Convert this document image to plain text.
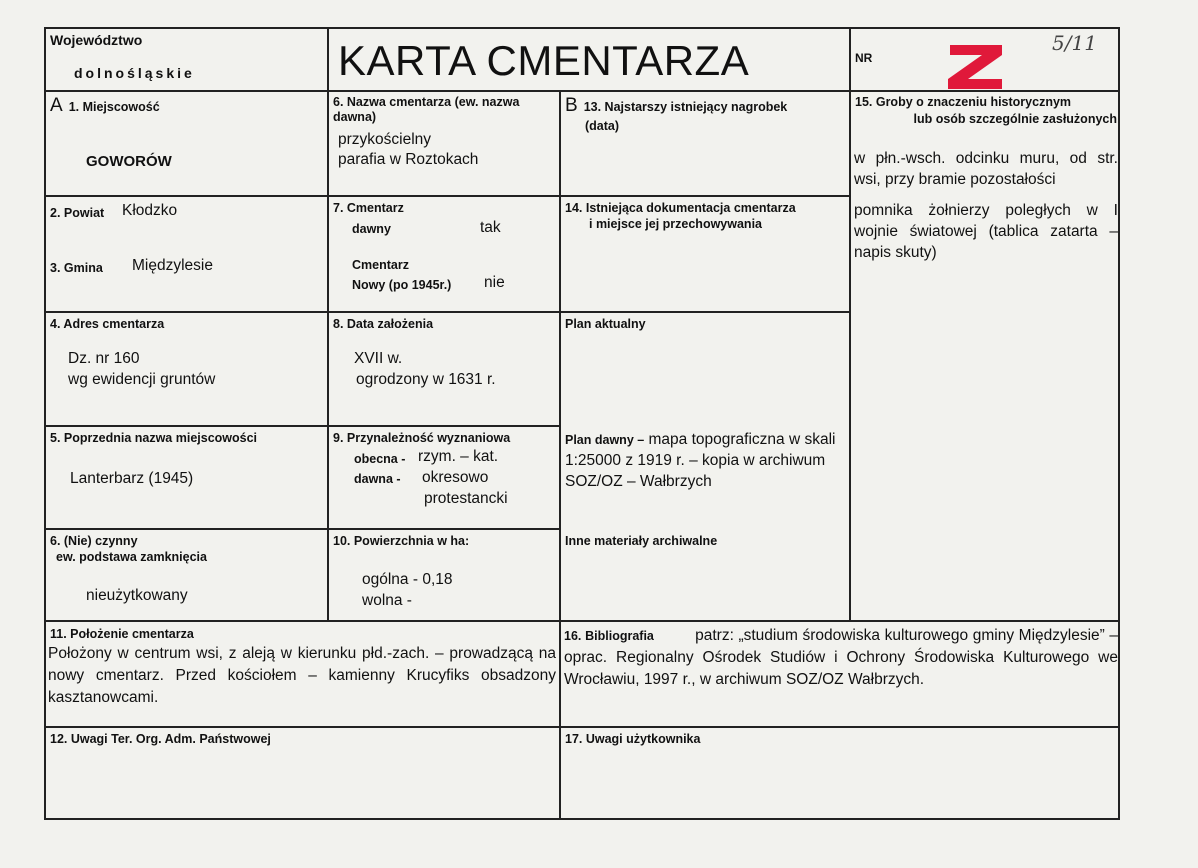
Województwo
dolnośląskie	KARTA CMENTARZA	NR
5/11
A 1. Miejscowość
GOWORÓW
2. Powiat Kłodzko
3. Gmina Międzylesie
4. Adres cmentarza
Dz. nr 160
wg ewidencji gruntów
5. Poprzednia nazwa miejscowości
Lanterbarz (1945)
6. (Nie) czynny
ew. podstawa zamknięcia
nieużytkowany
6. Nazwa cmentarza (ew. nazwa dawna)
przykościelny
parafia w Roztokach
7. Cmentarz
dawny	tak
Cmentarz
Nowy (po 1945r.) nie
8. Data założenia
XVII w.
ogrodzony w 1631 r.
9. Przynależność wyznaniowa
obecna - rzym. – kat.
dawna - okresowo
protestancki
10. Powierzchnia w ha:
ogólna - 0,18
wolna -
B 13. Najstarszy istniejący nagrobek
(data)
14. Istniejąca dokumentacja cmentarza
i miejsce jej przechowywania
Plan aktualny
Plan dawny – mapa topograficzna w skali 1:25000 z 1919 r. – kopia w archiwum SOZ/OZ – Wałbrzych
Inne materiały archiwalne
15. Groby o znaczeniu historycznym
lub osób szczególnie zasłużonych
w płn.-wsch. odcinku muru, od str. wsi, przy bramie pozostałości
pomnika żołnierzy poległych w I wojnie światowej (tablica zatarta – napis skuty)
11. Położenie cmentarza
Położony w centrum wsi, z aleją w kierunku płd.-zach. – prowadzącą na nowy cmentarz. Przed kościołem – kamienny Krucyfiks obsadzony kasztanowcami.
16. Bibliografia	patrz: „studium środowiska kulturowego gminy Międzylesie” – oprac. Regionalny Ośrodek Studiów i Ochrony Środowiska Kulturowego we Wrocławiu, 1997 r., w archiwum SOZ/OZ Wałbrzych.
12. Uwagi Ter. Org. Adm. Państwowej	17. Uwagi użytkownika
